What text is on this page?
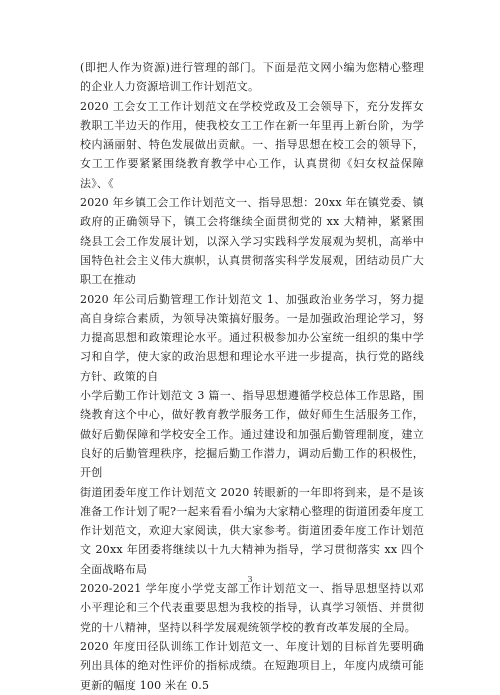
(即把人作为资源)进行管理的部门。下面是范文网小编为您精心整理的企业人力资源培训工作计划范文。

2020 工会女工工作计划范文在学校党政及工会领导下，充分发挥女教职工半边天的作用，使我校女工工作在新一年里再上新台阶，为学校内涵丽射、特色发展做出贡献。一、指导思想在校工会的领导下，女工工作要紧紧围绕教育教学中心工作，认真贯彻《妇女权益保障法》、《

2020 年乡镇工会工作计划范文一、指导思想：20xx 年在镇党委、镇政府的正确领导下，镇工会将继续全面贯彻党的 xx 大精神，紧紧围绕县工会工作发展计划，以深入学习实践科学发展观为契机，高举中国特色社会主义伟大旗帜，认真贯彻落实科学发展观，团结动员广大职工在推动

2020 年公司后勤管理工作计划范文 1、加强政治业务学习，努力提高自身综合素质，为领导决策搞好服务。一是加强政治理论学习，努力提高思想和政策理论水平。通过积极参加办公室统一组织的集中学习和自学，使大家的政治思想和理论水平进一步提高，执行党的路线方针、政策的自

小学后勤工作计划范文 3 篇一、指导思想遵循学校总体工作思路，围绕教育这个中心，做好教育教学服务工作，做好师生生活服务工作，做好后勤保障和学校安全工作。通过建设和加强后勤管理制度，建立良好的后勤管理秩序，挖掘后勤工作潜力，调动后勤工作的积极性，开创

街道团委年度工作计划范文 2020 转眼新的一年即将到来，是不是该准备工作计划了呢?一起来看看小编为大家精心整理的街道团委年度工作计划范文，欢迎大家阅读，供大家参考。街道团委年度工作计划范文 20xx 年团委将继续以十九大精神为指导，学习贯彻落实 xx 四个全面战略布局

2020-2021 学年度小学党支部工作计划范文一、指导思想坚持以邓小平理论和三个代表重要思想为我校的指导，认真学习领悟、并贯彻党的十八精神，坚持以科学发展观统领学校的教育改革发展的全局。

2020 年度田径队训练工作计划范文一、年度计划的目标首先要明确列出具体的绝对性评价的指标成绩。在短跑项目上，年度内成绩可能更新的幅度 100 米在 0.5

3
